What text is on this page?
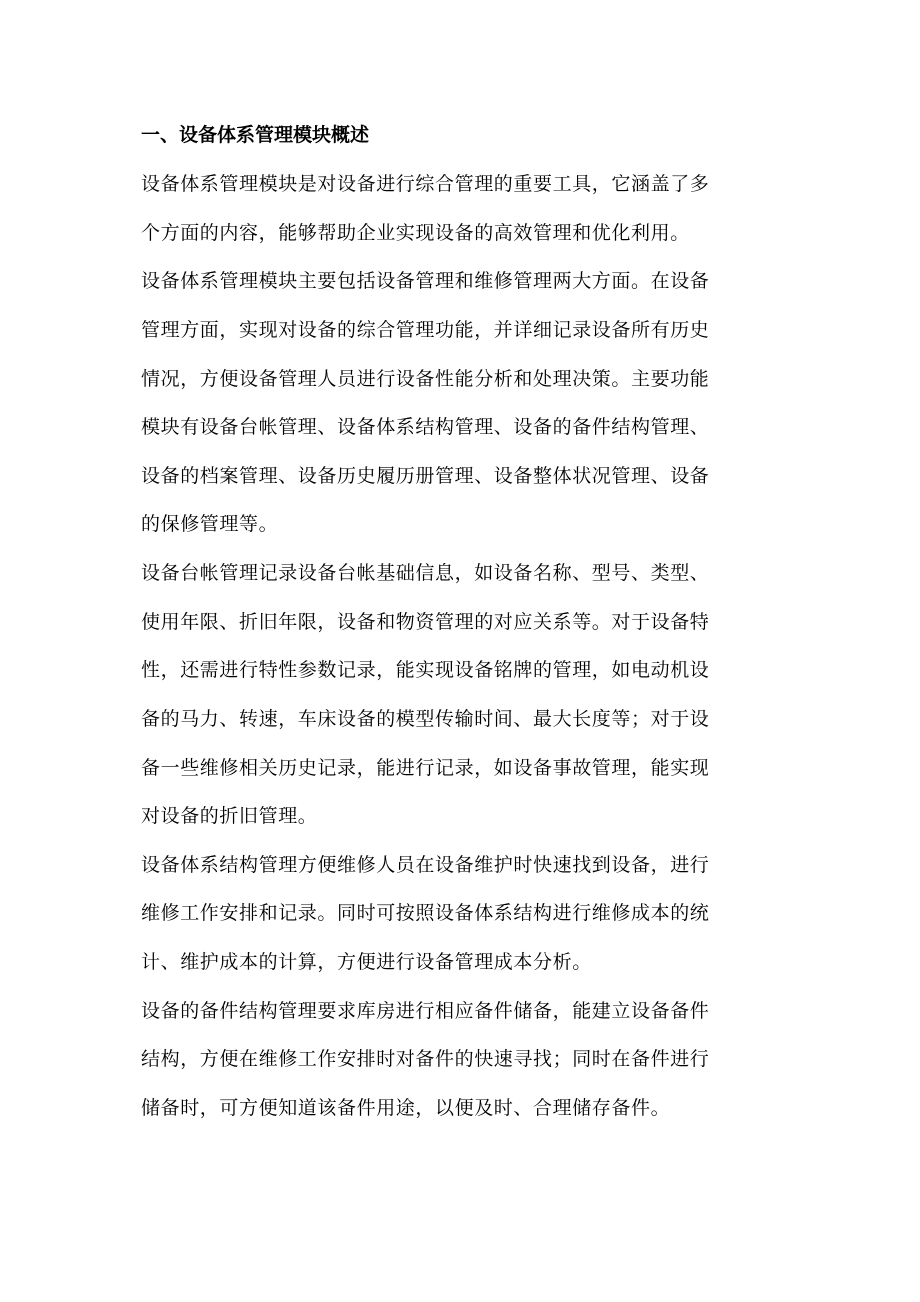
一、设备体系管理模块概述
设备体系管理模块是对设备进行综合管理的重要工具，它涵盖了多
个方面的内容，能够帮助企业实现设备的高效管理和优化利用。
设备体系管理模块主要包括设备管理和维修管理两大方面。在设备
管理方面，实现对设备的综合管理功能，并详细记录设备所有历史
情况，方便设备管理人员进行设备性能分析和处理决策。主要功能
模块有设备台帐管理、设备体系结构管理、设备的备件结构管理、
设备的档案管理、设备历史履历册管理、设备整体状况管理、设备
的保修管理等。
设备台帐管理记录设备台帐基础信息，如设备名称、型号、类型、
使用年限、折旧年限，设备和物资管理的对应关系等。对于设备特
性，还需进行特性参数记录，能实现设备铭牌的管理，如电动机设
备的马力、转速，车床设备的模型传输时间、最大长度等；对于设
备一些维修相关历史记录，能进行记录，如设备事故管理，能实现
对设备的折旧管理。
设备体系结构管理方便维修人员在设备维护时快速找到设备，进行
维修工作安排和记录。同时可按照设备体系结构进行维修成本的统
计、维护成本的计算，方便进行设备管理成本分析。
设备的备件结构管理要求库房进行相应备件储备，能建立设备备件
结构，方便在维修工作安排时对备件的快速寻找；同时在备件进行
储备时，可方便知道该备件用途，以便及时、合理储存备件。
